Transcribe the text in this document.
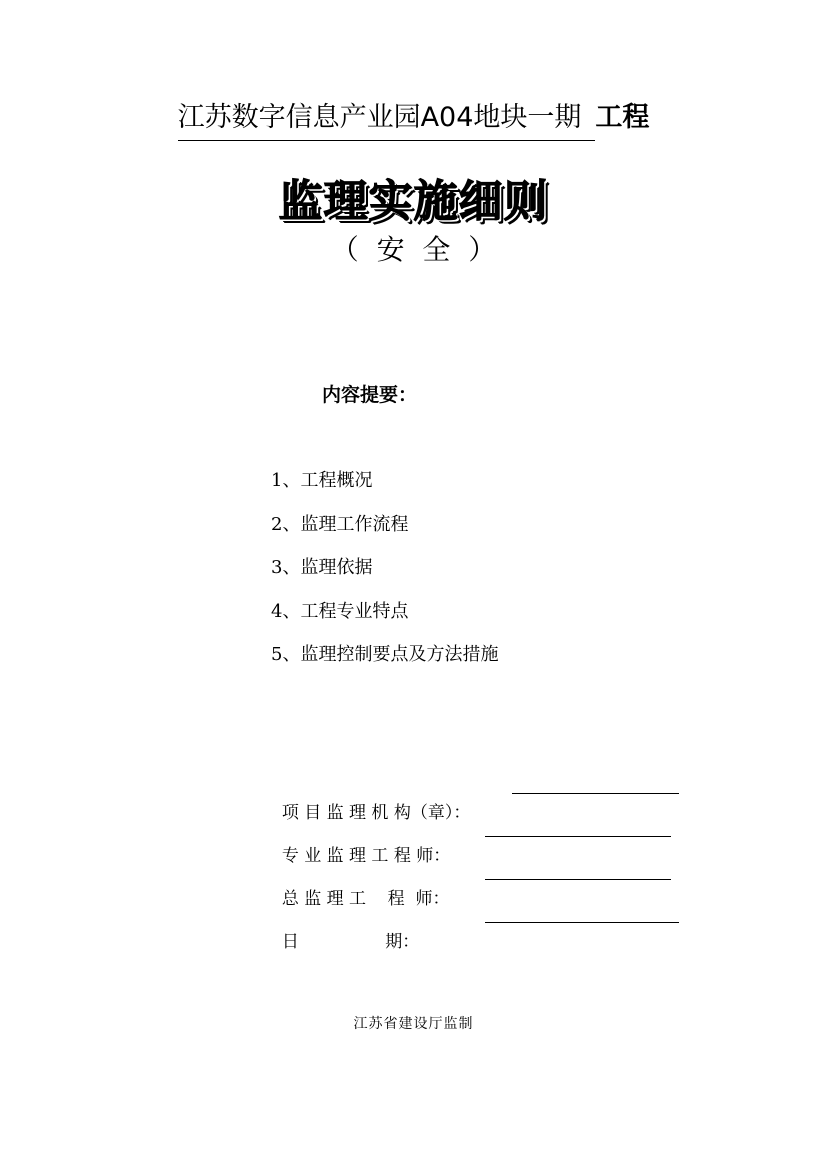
江苏数字信息产业园A04地块一期 工程
监理实施细则
（  安  全  ）
内容提要：
1、工程概况
2、监理工作流程
3、监理依据
4、工程专业特点
5、监理控制要点及方法措施

项 目 监 理 机 构（章）：

专 业 监 理 工 程 师：

总 监 理 工    程  师：

日                期：

江苏省建设厅监制
